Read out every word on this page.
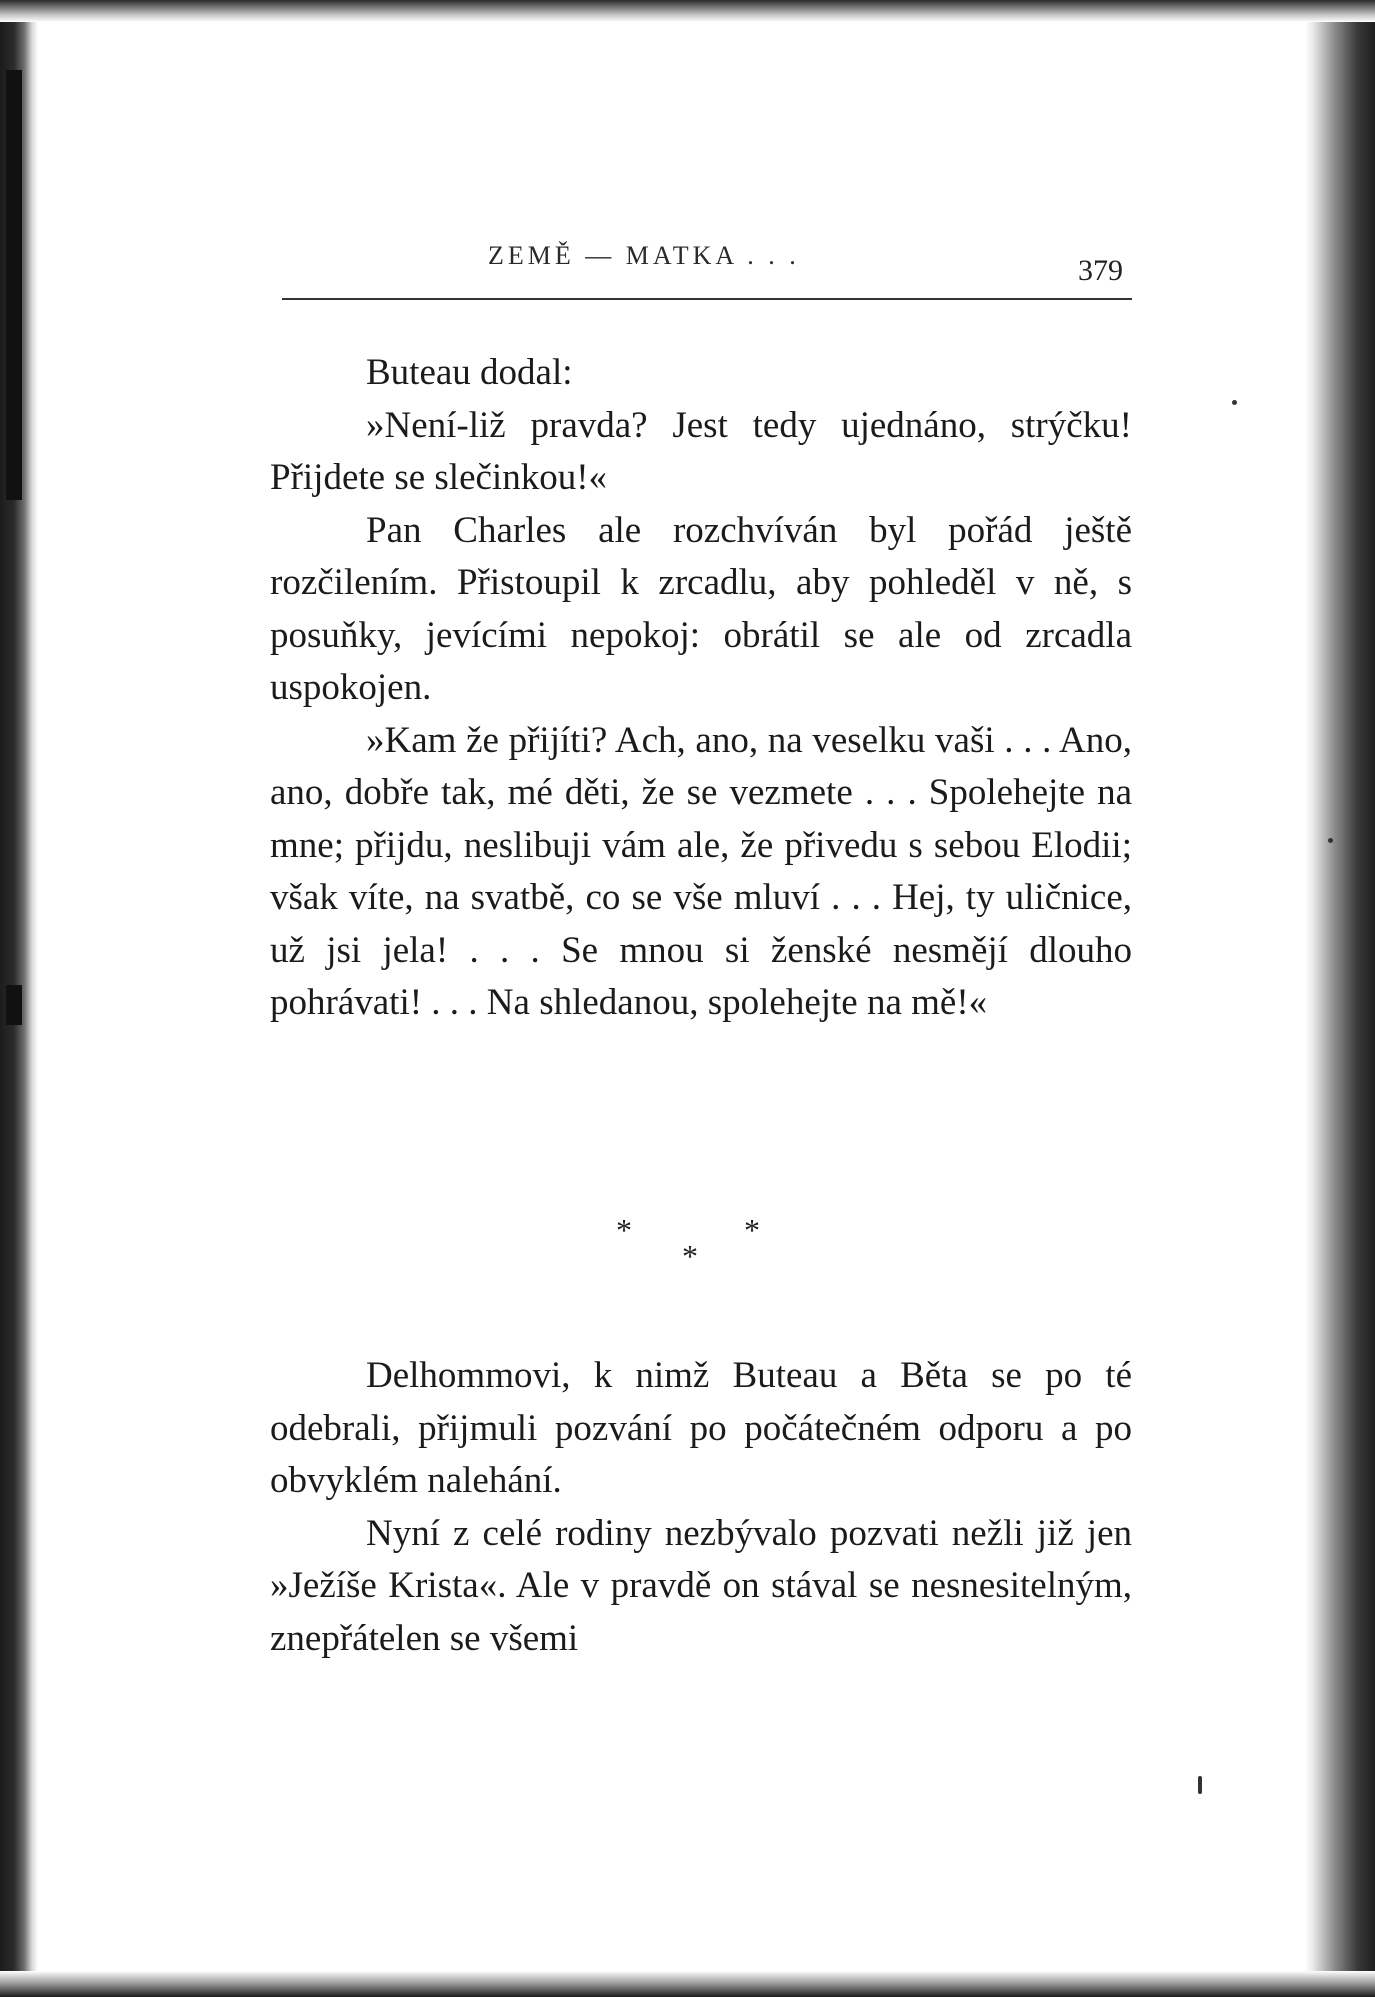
ZEMĚ — MATKA . . .	379

Buteau dodal:

»Není-liž pravda? Jest tedy ujednáno, strýčku! Přijdete se slečinkou!«

Pan Charles ale rozchvíván byl pořád ještě rozčilením. Přistoupil k zrcadlu, aby pohleděl v ně, s posuňky, jevícími nepokoj: obrátil se ale od zrcadla uspokojen.

»Kam že přijíti? Ach, ano, na veselku vaši . . . Ano, ano, dobře tak, mé děti, že se vezmete . . . Spolehejte na mne; přijdu, neslibuji vám ale, že přivedu s sebou Elodii; však víte, na svatbě, co se vše mluví . . . Hej, ty uličnice, už jsi jela! . . . Se mnou si ženské nesmějí dlouho pohrávati! . . . Na shledanou, spolehejte na mě!«

*
*
*

Delhommovi, k nimž Buteau a Běta se po té odebrali, přijmuli pozvání po počátečném odporu a po obvyklém nalehání.

Nyní z celé rodiny nezbývalo pozvati nežli již jen »Ježíše Krista«. Ale v pravdě on stával se nesnesitelným, znepřátelen se všemi
